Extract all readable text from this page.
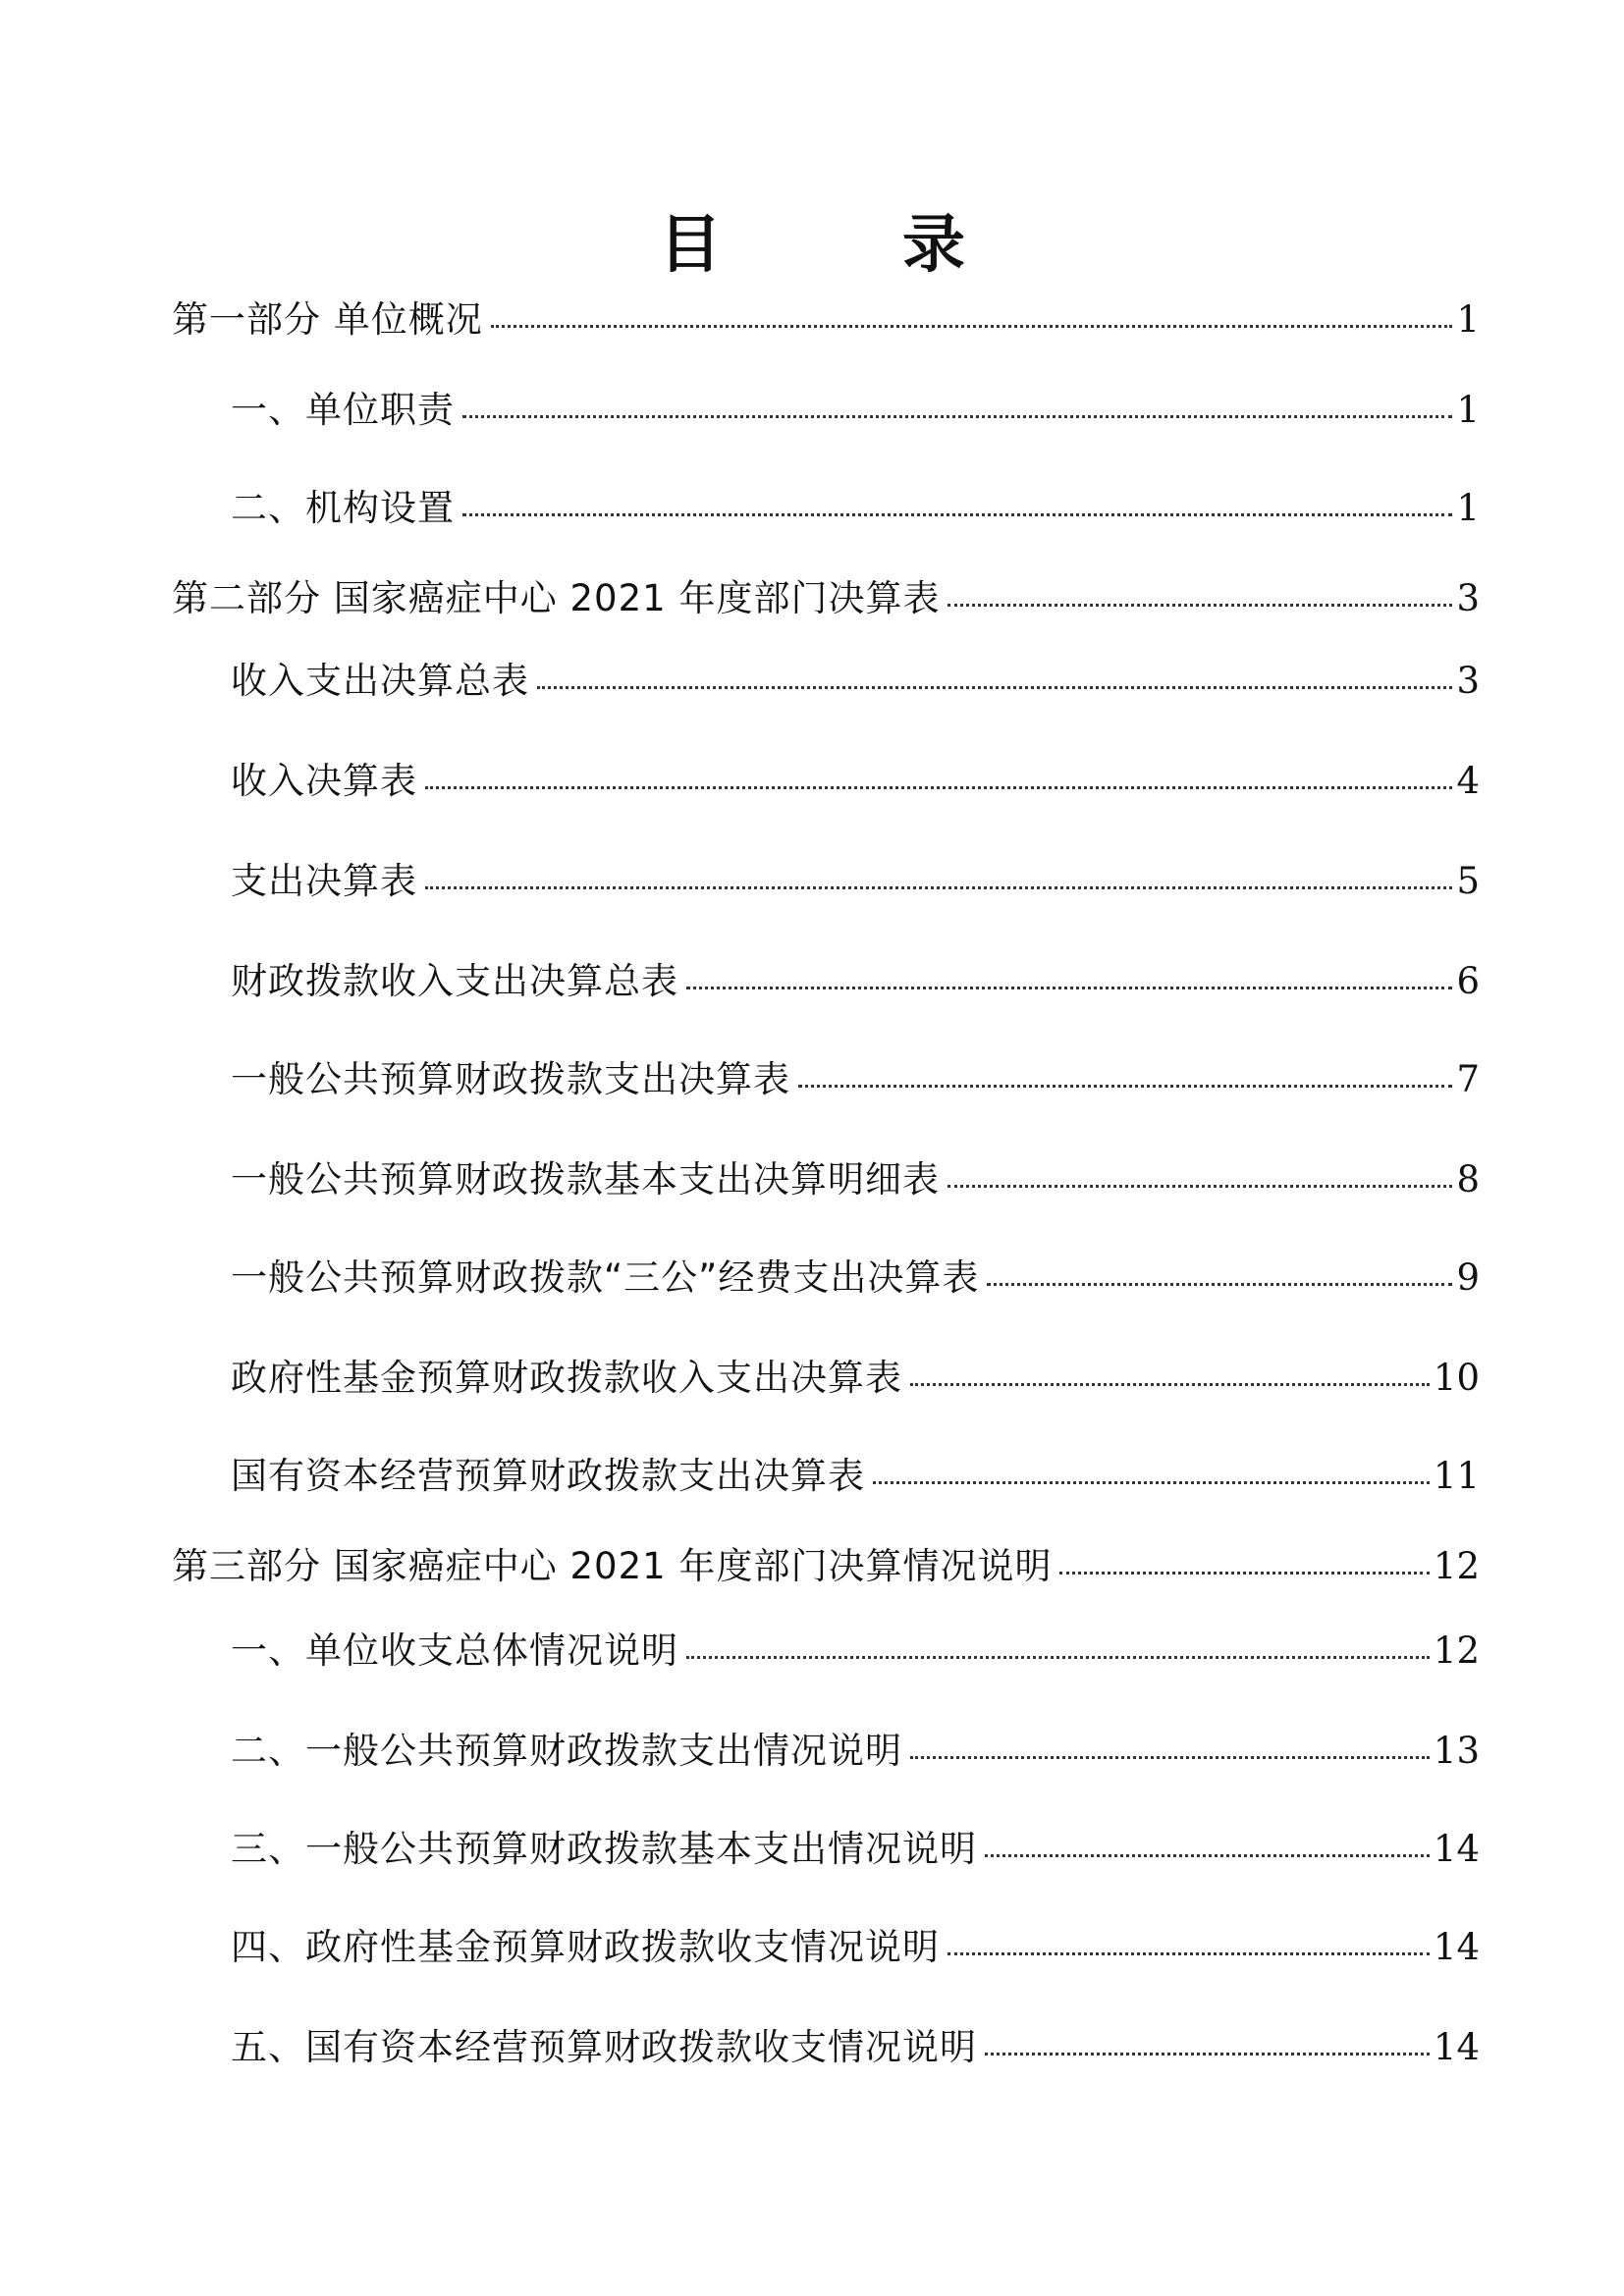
目　录
第一部分 单位概况	1
一、单位职责	1
二、机构设置	1
第二部分 国家癌症中心 2021 年度部门决算表	3
收入支出决算总表	3
收入决算表	4
支出决算表	5
财政拨款收入支出决算总表	6
一般公共预算财政拨款支出决算表	7
一般公共预算财政拨款基本支出决算明细表	8
一般公共预算财政拨款“三公”经费支出决算表	9
政府性基金预算财政拨款收入支出决算表	10
国有资本经营预算财政拨款支出决算表	11
第三部分 国家癌症中心 2021 年度部门决算情况说明	12
一、单位收支总体情况说明	12
二、一般公共预算财政拨款支出情况说明	13
三、一般公共预算财政拨款基本支出情况说明	14
四、政府性基金预算财政拨款收支情况说明	14
五、国有资本经营预算财政拨款收支情况说明	14
